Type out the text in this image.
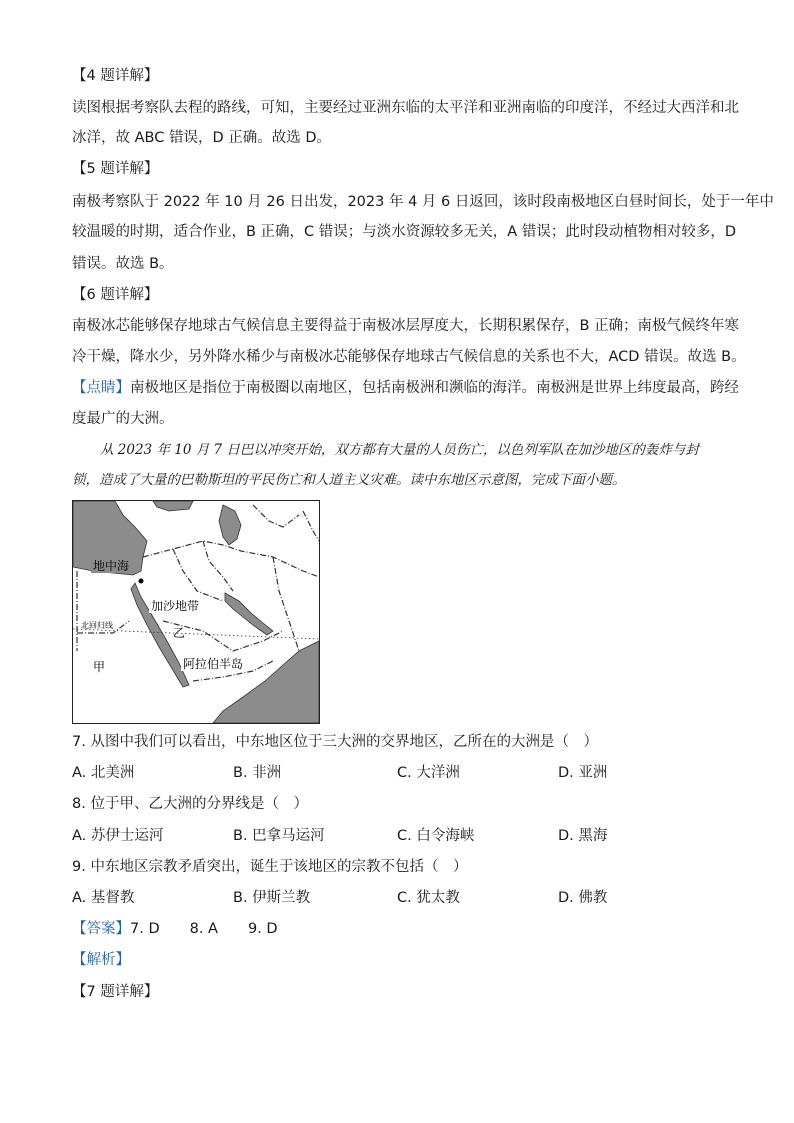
【4 题详解】
读图根据考察队去程的路线，可知，主要经过亚洲东临的太平洋和亚洲南临的印度洋，不经过大西洋和北
冰洋，故 ABC 错误，D 正确。故选 D。
【5 题详解】
南极考察队于 2022 年 10 月 26 日出发，2023 年 4 月 6 日返回，该时段南极地区白昼时间长，处于一年中
较温暖的时期，适合作业，B 正确，C 错误；与淡水资源较多无关，A 错误；此时段动植物相对较多，D
错误。故选 B。
【6 题详解】
南极冰芯能够保存地球古气候信息主要得益于南极冰层厚度大，长期积累保存，B 正确；南极气候终年寒
冷干燥，降水少，另外降水稀少与南极冰芯能够保存地球古气候信息的关系也不大，ACD 错误。故选 B。
【点睛】南极地区是指位于南极圈以南地区，包括南极洲和濒临的海洋。南极洲是世界上纬度最高，跨经
度最广的大洲。
从 2023 年 10 月 7 日巴以冲突开始，双方都有大量的人员伤亡，以色列军队在加沙地区的轰炸与封
锁，造成了大量的巴勒斯坦的平民伤亡和人道主义灾难。读中东地区示意图，完成下面小题。
地中海
加沙地带
乙
北回归线
甲	阿拉伯半岛
7. 从图中我们可以看出，中东地区位于三大洲的交界地区，乙所在的大洲是（　）
A. 北美洲	B. 非洲	C. 大洋洲	D. 亚洲
8. 位于甲、乙大洲的分界线是（　）
A. 苏伊士运河	B. 巴拿马运河	C. 白令海峡	D. 黑海
9. 中东地区宗教矛盾突出，诞生于该地区的宗教不包括（　）
A. 基督教	B. 伊斯兰教	C. 犹太教	D. 佛教
【答案】7. D 8. A 9. D
【解析】
【7 题详解】
